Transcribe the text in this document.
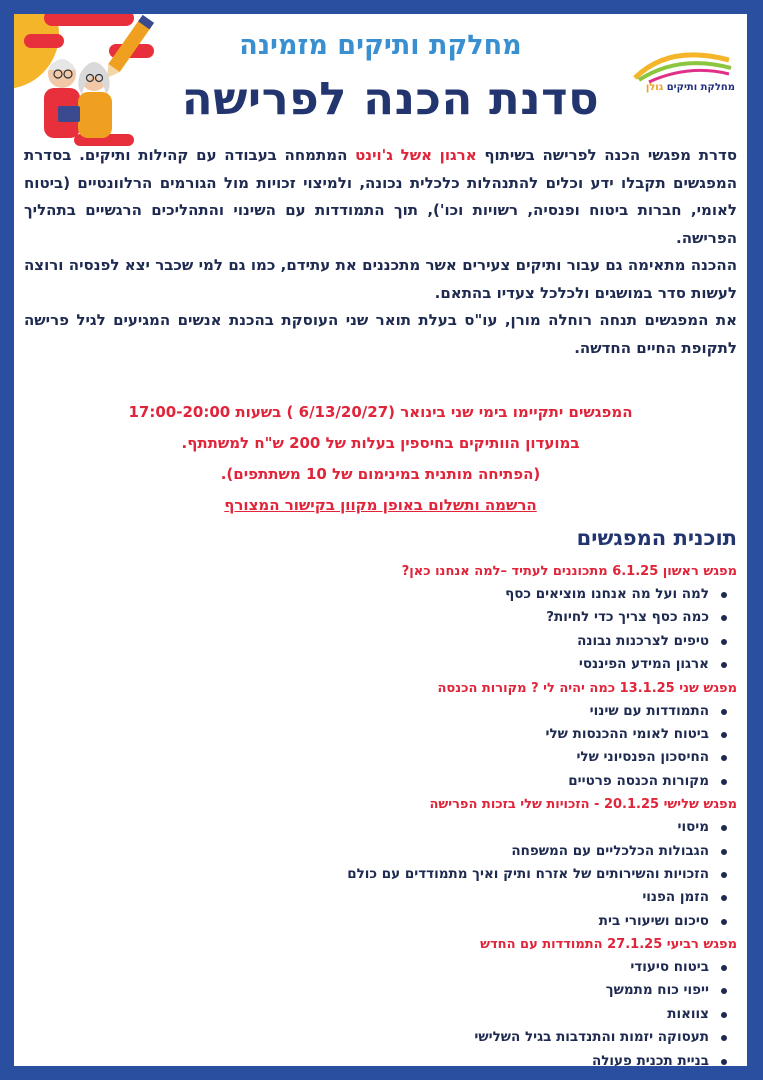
מחלקת ותיקים גולן
מחלקת ותיקים מזמינה
סדנת הכנה לפרישה

סדרת מפגשי הכנה לפרישה בשיתוף ארגון אשל ג'וינט המתמחה בעבודה עם קהילות ותיקים. בסדרת המפגשים תקבלו ידע וכלים להתנהלות כלכלית נכונה, ולמיצוי זכויות מול הגורמים הרלוונטיים (ביטוח לאומי, חברות ביטוח ופנסיה, רשויות וכו'), תוך התמודדות עם השינוי והתהליכים הרגשיים בתהליך הפרישה.

ההכנה מתאימה גם עבור ותיקים צעירים אשר מתכננים את עתידם, כמו גם למי שכבר יצא לפנסיה ורוצה לעשות סדר במושגים ולכלכל צעדיו בהתאם.

את המפגשים תנחה רוחלה מורן, עו"ס בעלת תואר שני העוסקת בהכנת אנשים המגיעים לגיל פרישה לתקופת החיים החדשה.

המפגשים יתקיימו בימי שני בינואר (6/13/20/27 ) בשעות 17:00-20:00
במועדון הוותיקים בחיספין בעלות של 200 ש"ח למשתתף.
(הפתיחה מותנית במינימום של 10 משתתפים).
הרשמה ותשלום באופן מקוון בקישור המצורף
תוכנית המפגשים
מפגש ראשון 6.1.25 מתכוננים לעתיד –למה אנחנו כאן?
למה ועל מה אנחנו מוציאים כסף
כמה כסף צריך כדי לחיות?
טיפים לצרכנות נבונה
ארגון המידע הפיננסי
מפגש שני 13.1.25 כמה יהיה לי ? מקורות הכנסה
התמודדות עם שינוי
ביטוח לאומי ההכנסות שלי
החיסכון הפנסיוני שלי
מקורות הכנסה פרטיים
מפגש שלישי 20.1.25 - הזכויות שלי בזכות הפרישה
מיסוי
הגבולות הכלכליים עם המשפחה
הזכויות והשירותים של אזרח ותיק ואיך מתמודדים עם כולם
הזמן הפנוי
סיכום ושיעורי בית
מפגש רביעי 27.1.25 התמודדות עם החדש
ביטוח סיעודי
ייפוי כוח מתמשך
צוואות
תעסוקה יזמות והתנדבות בגיל השלישי
בניית תכנית פעולה
